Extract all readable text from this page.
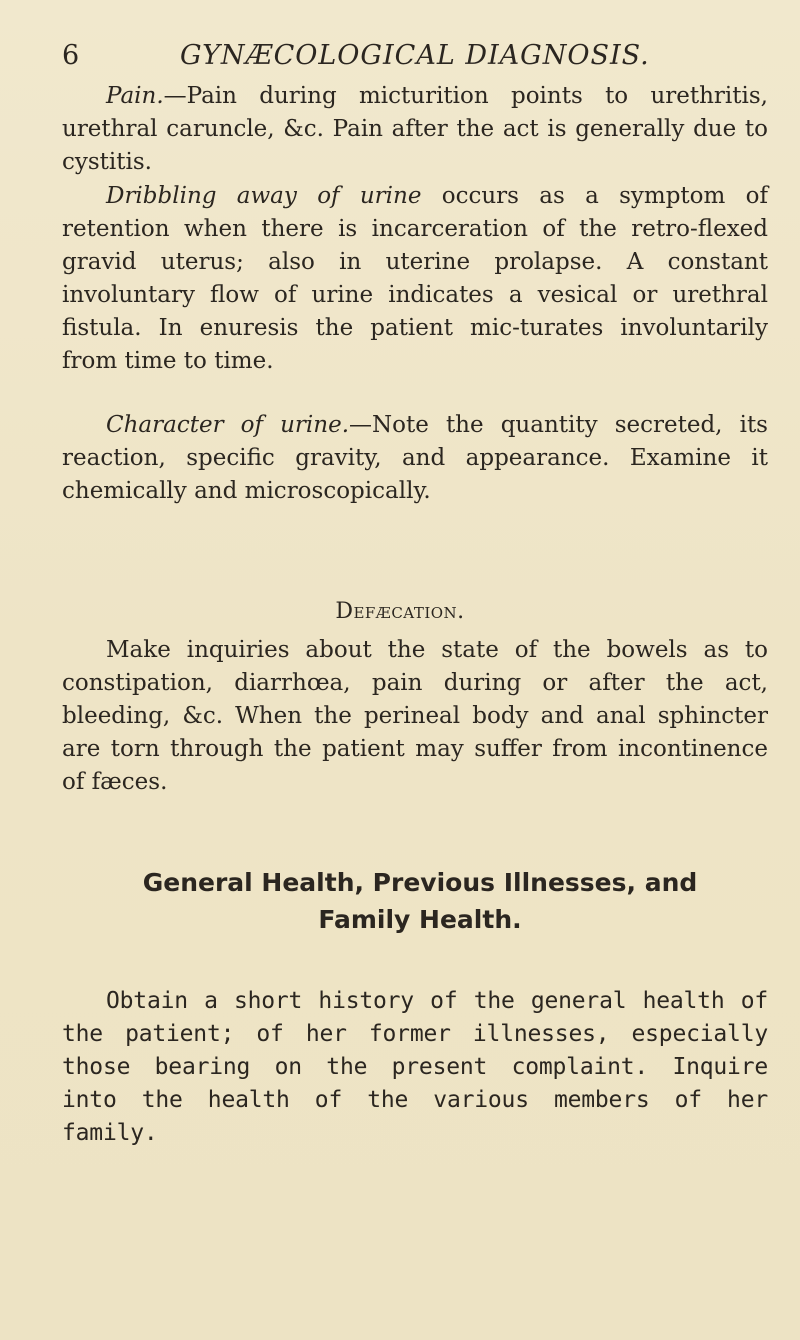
6	GYNÆCOLOGICAL DIAGNOSIS.

Pain.—Pain during micturition points to urethritis, urethral caruncle, &c. Pain after the act is generally due to cystitis.

Dribbling away of urine occurs as a symptom of retention when there is incarceration of the retro-flexed gravid uterus; also in uterine prolapse. A constant involuntary flow of urine indicates a vesical or urethral fistula. In enuresis the patient mic-turates involuntarily from time to time.

Character of urine.—Note the quantity secreted, its reaction, specific gravity, and appearance. Examine it chemically and microscopically.

Defæcation.

Make inquiries about the state of the bowels as to constipation, diarrhœa, pain during or after the act, bleeding, &c. When the perineal body and anal sphincter are torn through the patient may suffer from incontinence of fæces.

General Health, Previous Illnesses, and Family Health.

Obtain a short history of the general health of the patient; of her former illnesses, especially those bearing on the present complaint. Inquire into the health of the various members of her family.
